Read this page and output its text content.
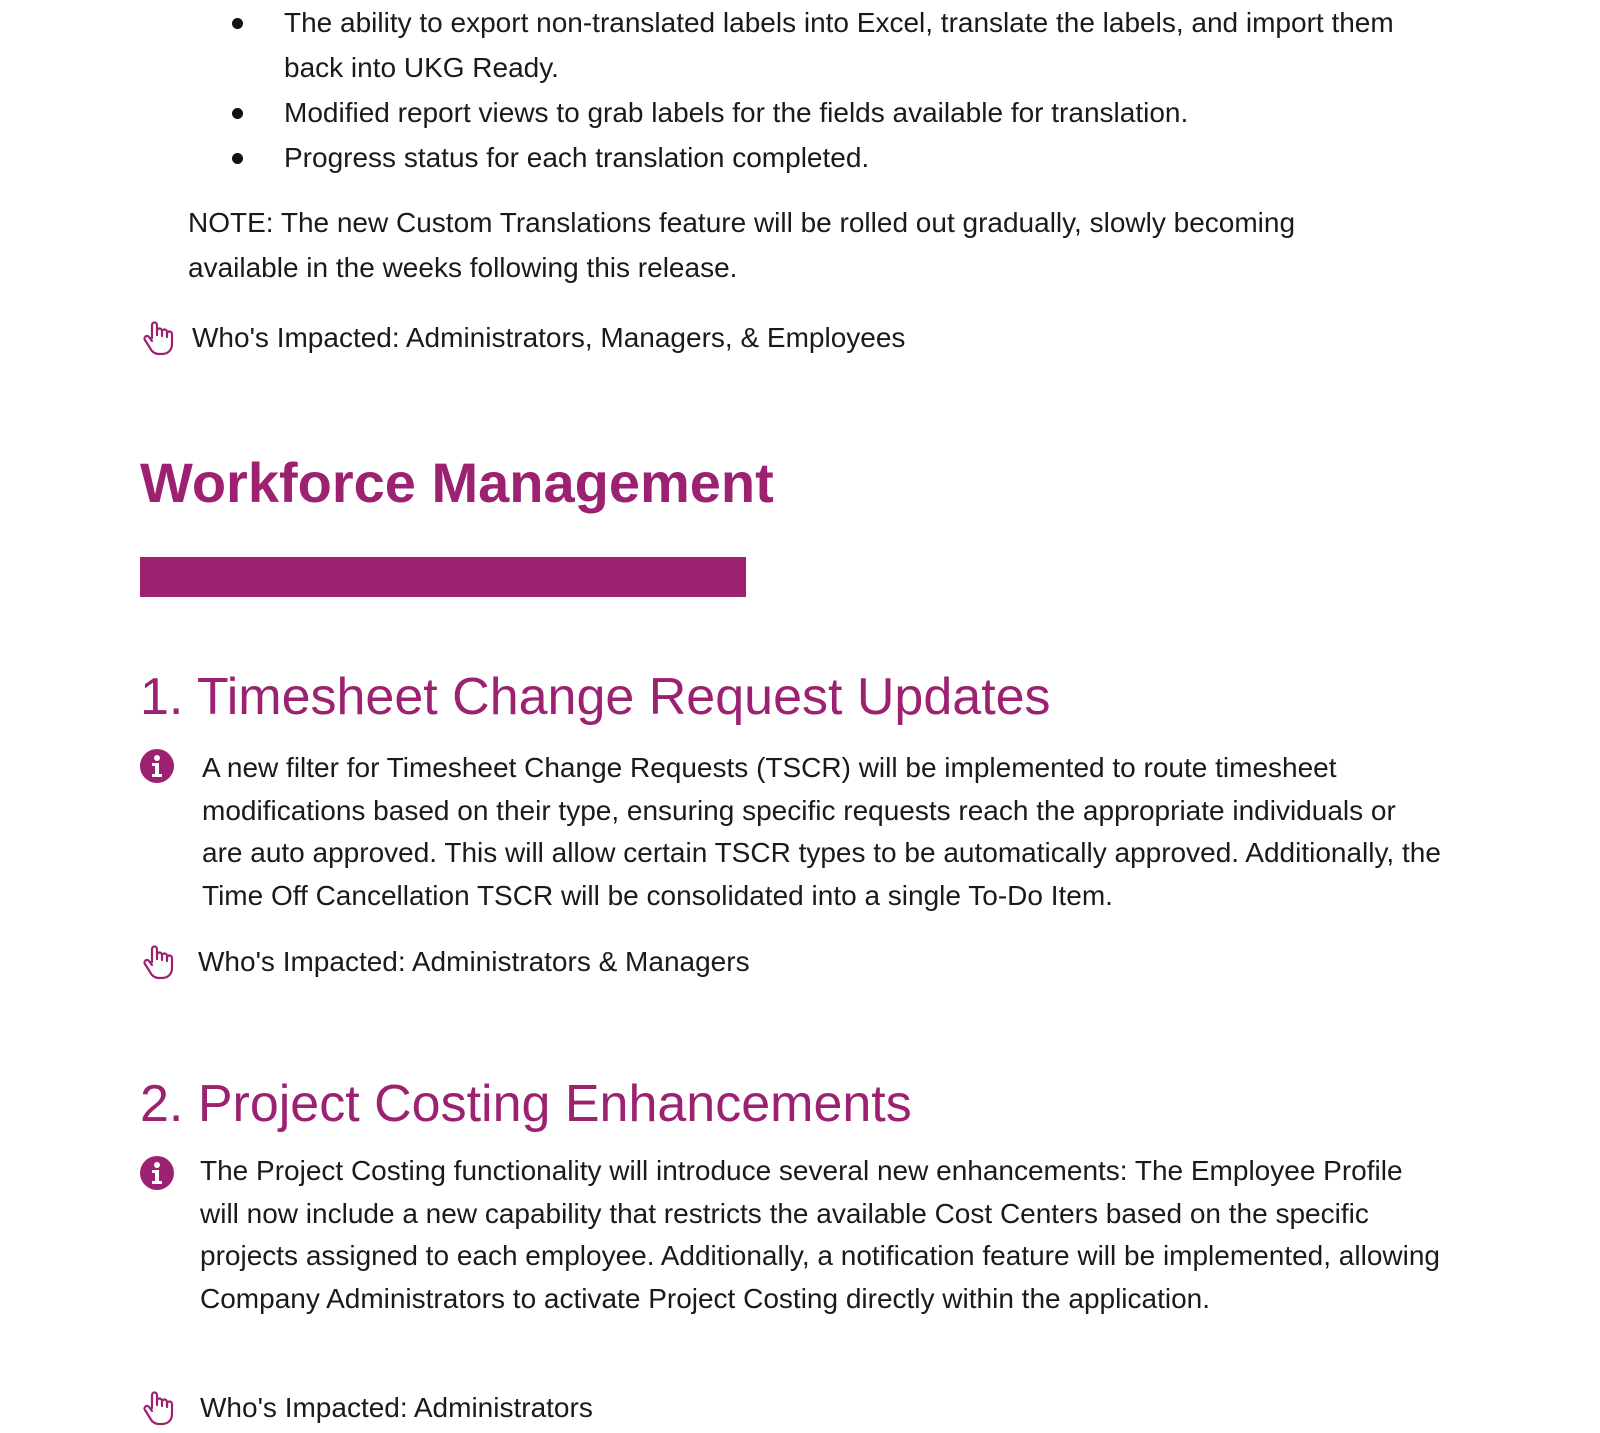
The ability to export non-translated labels into Excel, translate the labels, and import them back into UKG Ready.
Modified report views to grab labels for the fields available for translation.
Progress status for each translation completed.
NOTE: The new Custom Translations feature will be rolled out gradually, slowly becoming available in the weeks following this release.
Who's Impacted: Administrators, Managers, & Employees
Workforce Management
1. Timesheet Change Request Updates
A new filter for Timesheet Change Requests (TSCR) will be implemented to route timesheet modifications based on their type, ensuring specific requests reach the appropriate individuals or are auto approved. This will allow certain TSCR types to be automatically approved. Additionally, the Time Off Cancellation TSCR will be consolidated into a single To-Do Item.
Who's Impacted: Administrators & Managers
2. Project Costing Enhancements
The Project Costing functionality will introduce several new enhancements: The Employee Profile will now include a new capability that restricts the available Cost Centers based on the specific projects assigned to each employee. Additionally, a notification feature will be implemented, allowing Company Administrators to activate Project Costing directly within the application.
Who's Impacted: Administrators
